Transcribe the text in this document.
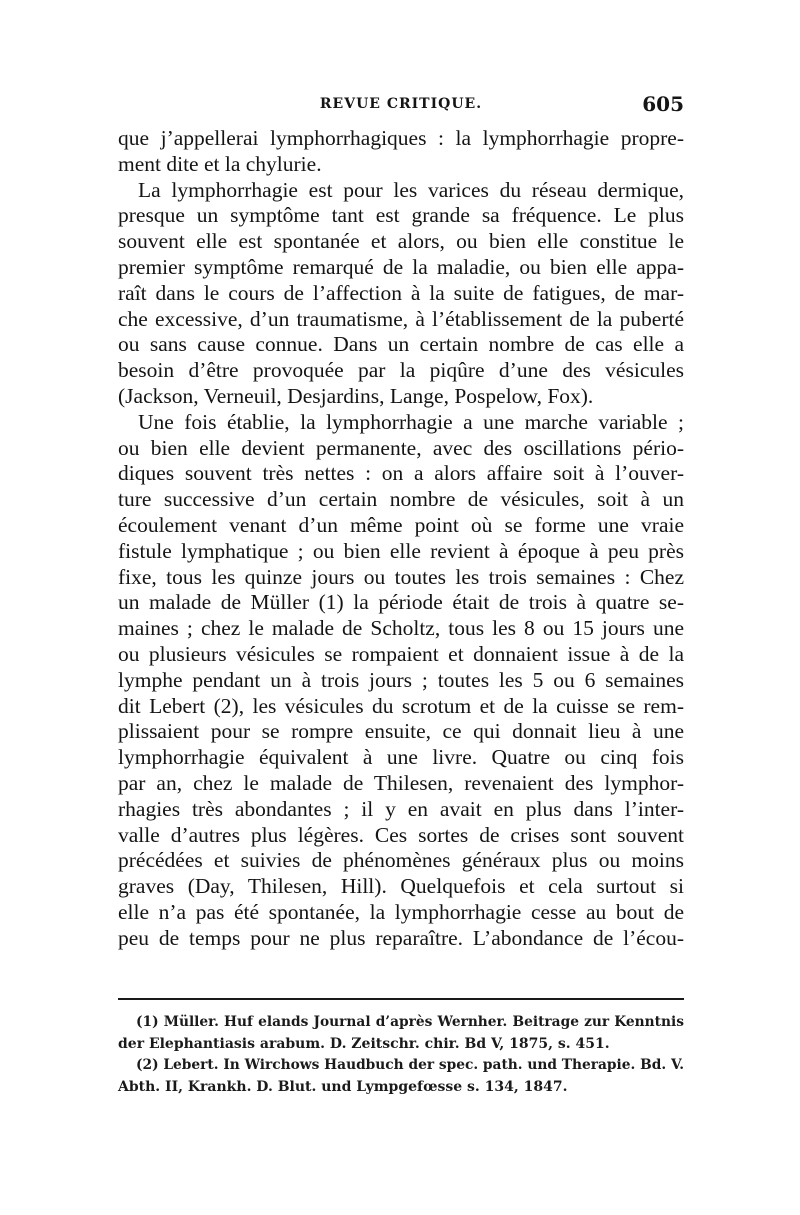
REVUE CRITIQUE.	605
que j’appellerai lymphorrhagiques : la lymphorrhagie propre-
ment dite et la chylurie.
La lymphorrhagie est pour les varices du réseau dermique,
presque un symptôme tant est grande sa fréquence. Le plus
souvent elle est spontanée et alors, ou bien elle constitue le
premier symptôme remarqué de la maladie, ou bien elle appa-
raît dans le cours de l’affection à la suite de fatigues, de mar-
che excessive, d’un traumatisme, à l’établissement de la puberté
ou sans cause connue. Dans un certain nombre de cas elle a
besoin d’être provoquée par la piqûre d’une des vésicules
(Jackson, Verneuil, Desjardins, Lange, Pospelow, Fox).
Une fois établie, la lymphorrhagie a une marche variable ;
ou bien elle devient permanente, avec des oscillations pério-
diques souvent très nettes : on a alors affaire soit à l’ouver-
ture successive d’un certain nombre de vésicules, soit à un
écoulement venant d’un même point où se forme une vraie
fistule lymphatique ; ou bien elle revient à époque à peu près
fixe, tous les quinze jours ou toutes les trois semaines : Chez
un malade de Müller (1) la période était de trois à quatre se-
maines ; chez le malade de Scholtz, tous les 8 ou 15 jours une
ou plusieurs vésicules se rompaient et donnaient issue à de la
lymphe pendant un à trois jours ; toutes les 5 ou 6 semaines
dit Lebert (2), les vésicules du scrotum et de la cuisse se rem-
plissaient pour se rompre ensuite, ce qui donnait lieu à une
lymphorrhagie équivalent à une livre. Quatre ou cinq fois
par an, chez le malade de Thilesen, revenaient des lymphor-
rhagies très abondantes ; il y en avait en plus dans l’inter-
valle d’autres plus légères. Ces sortes de crises sont souvent
précédées et suivies de phénomènes généraux plus ou moins
graves (Day, Thilesen, Hill). Quelquefois et cela surtout si
elle n’a pas été spontanée, la lymphorrhagie cesse au bout de
peu de temps pour ne plus reparaître. L’abondance de l’écou-
(1) Müller. Huf elands Journal d’après Wernher. Beitrage zur Kenntnis
der Elephantiasis arabum. D. Zeitschr. chir. Bd V, 1875, s. 451.
(2) Lebert. In Wirchows Haudbuch der spec. path. und Therapie. Bd. V.
Abth. II, Krankh. D. Blut. und Lympgefœsse s. 134, 1847.
